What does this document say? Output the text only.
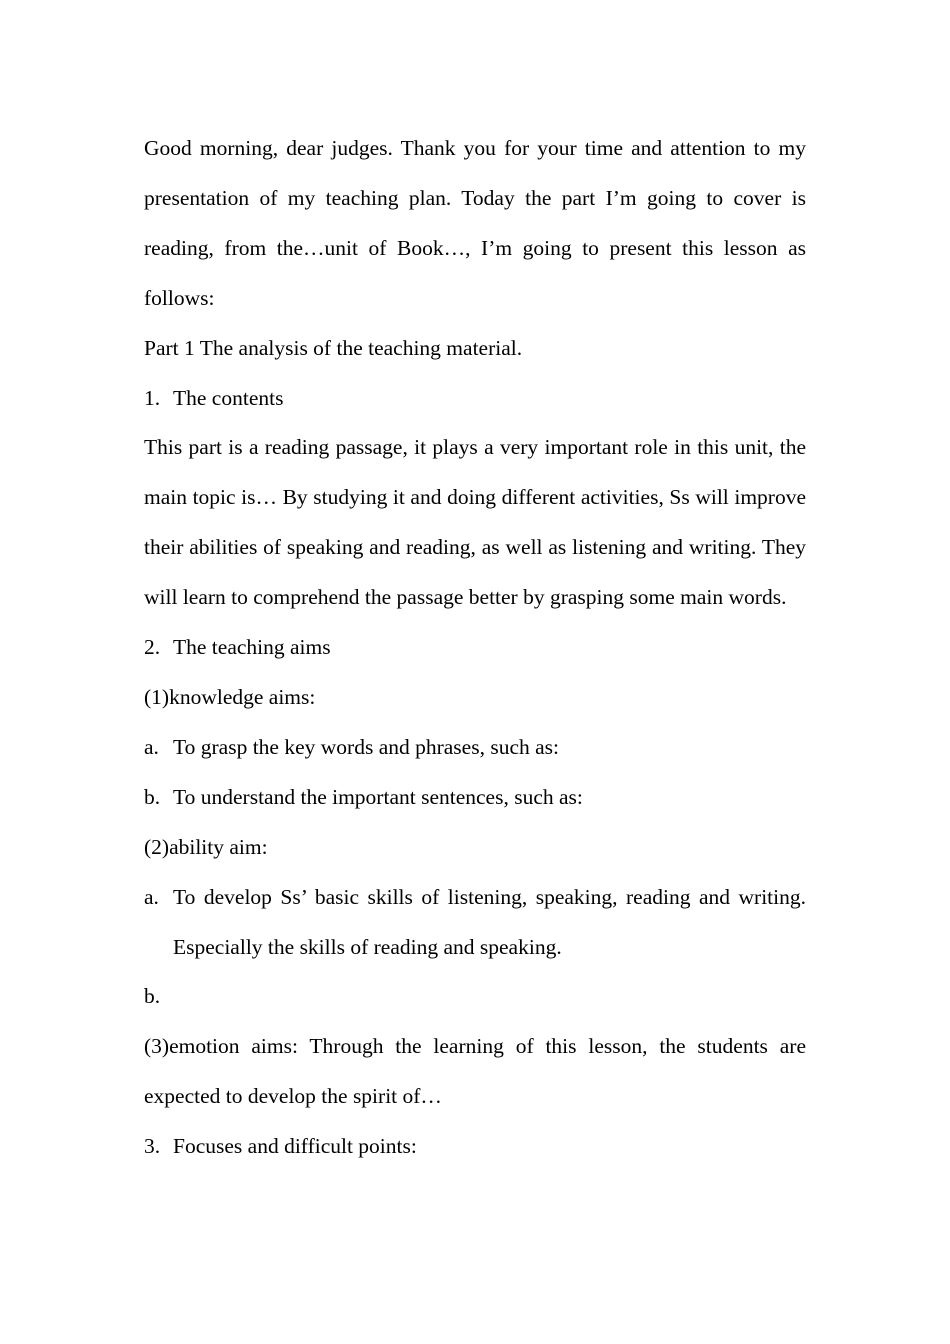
Good morning, dear judges. Thank you for your time and attention to my presentation of my teaching plan. Today the part I’m going to cover is reading, from the…unit of Book…, I’m going to present this lesson as follows:

Part 1 The analysis of the teaching material.

1. The contents

This part is a reading passage, it plays a very important role in this unit, the main topic is… By studying it and doing different activities, Ss will improve their abilities of speaking and reading, as well as listening and writing. They will learn to comprehend the passage better by grasping some main words.

2. The teaching aims

(1)knowledge aims:

a. To grasp the key words and phrases, such as:
b. To understand the important sentences, such as:

(2)ability aim:

a. To develop Ss’ basic skills of listening, speaking, reading and writing. Especially the skills of reading and speaking.
b.

(3)emotion aims: Through the learning of this lesson, the students are expected to develop the spirit of…

3. Focuses and difficult points:
